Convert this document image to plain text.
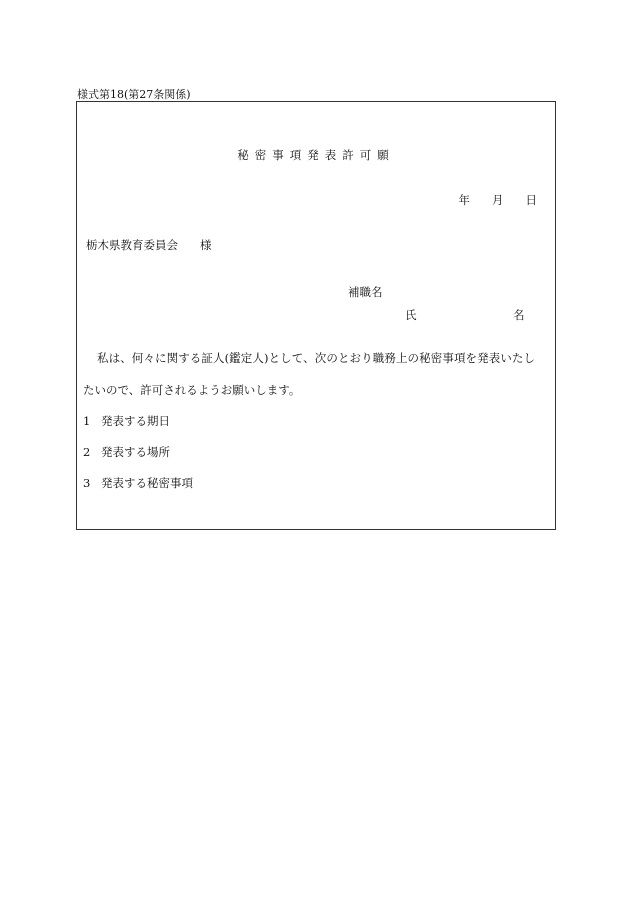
様式第18(第27条関係)
秘密事項発表許可願
年 月 日
栃木県教育委員会 様
補職名
氏	名
私は、何々に関する証人(鑑定人)として、次のとおり職務上の秘密事項を発表いたし
たいので、許可されるようお願いします。
1 発表する期日
2 発表する場所
3 発表する秘密事項
